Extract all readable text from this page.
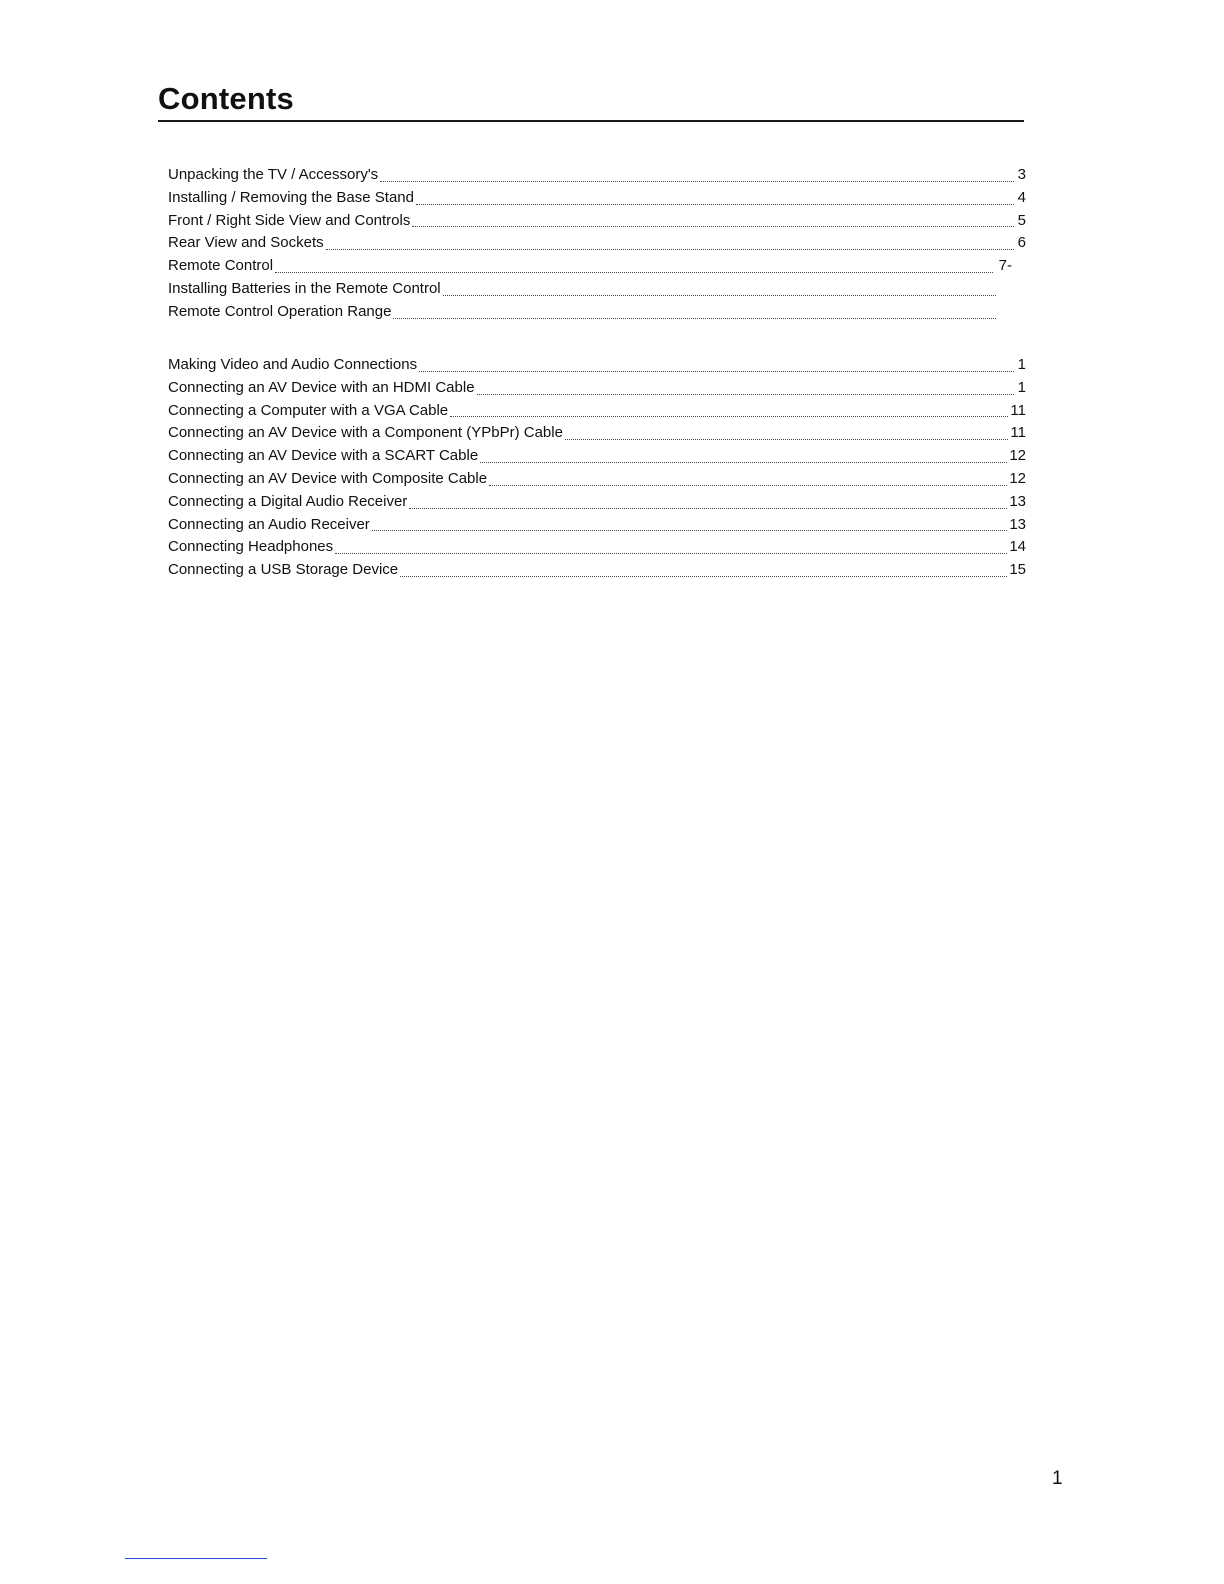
Contents
Unpacking the TV / Accessory's	3
Installing / Removing the Base Stand	4
Front / Right Side View and Controls	5
Rear View and Sockets	6
Remote Control	7-
Installing Batteries in the Remote Control
Remote Control Operation Range
Making Video and Audio Connections	1
Connecting an AV Device with an HDMI Cable	1
Connecting a Computer with a VGA Cable	11
Connecting an AV Device with a Component (YPbPr) Cable	11
Connecting an AV Device with a SCART Cable	12
Connecting an AV Device with Composite Cable	12
Connecting a Digital Audio Receiver	13
Connecting an Audio Receiver	13
Connecting Headphones	14
Connecting a USB Storage Device	15
1
